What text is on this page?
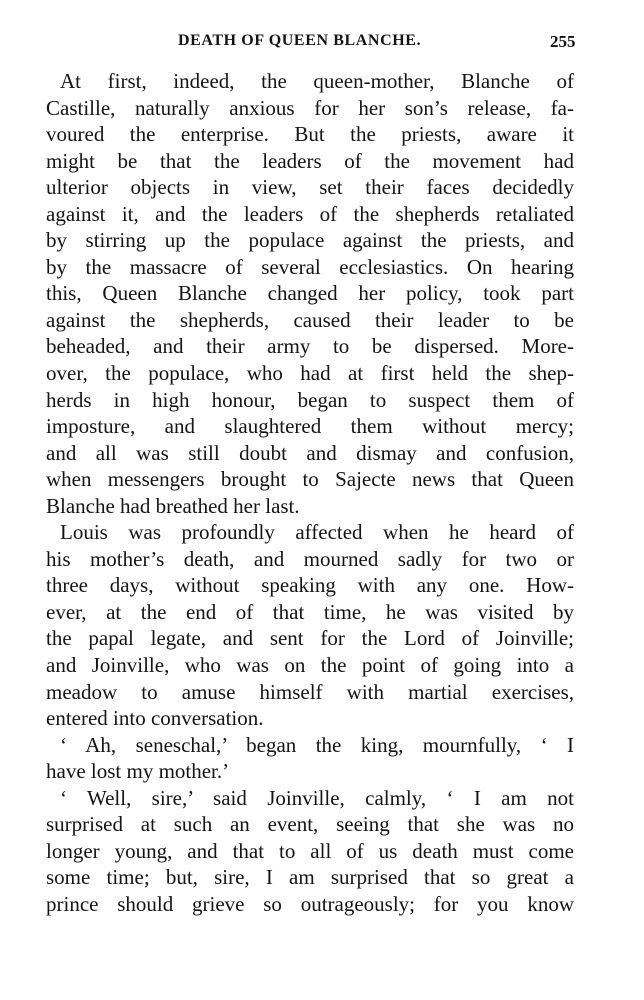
DEATH OF QUEEN BLANCHE.	255
At first, indeed, the queen-mother, Blanche of
Castille, naturally anxious for her son’s release, fa-
voured the enterprise. But the priests, aware it
might be that the leaders of the movement had
ulterior objects in view, set their faces decidedly
against it, and the leaders of the shepherds retaliated
by stirring up the populace against the priests, and
by the massacre of several ecclesiastics. On hearing
this, Queen Blanche changed her policy, took part
against the shepherds, caused their leader to be
beheaded, and their army to be dispersed. More-
over, the populace, who had at first held the shep-
herds in high honour, began to suspect them of
imposture, and slaughtered them without mercy;
and all was still doubt and dismay and confusion,
when messengers brought to Sajecte news that Queen
Blanche had breathed her last.
Louis was profoundly affected when he heard of
his mother’s death, and mourned sadly for two or
three days, without speaking with any one. How-
ever, at the end of that time, he was visited by
the papal legate, and sent for the Lord of Joinville;
and Joinville, who was on the point of going into a
meadow to amuse himself with martial exercises,
entered into conversation.
‘ Ah, seneschal,’ began the king, mournfully, ‘ I
have lost my mother.’
‘ Well, sire,’ said Joinville, calmly, ‘ I am not
surprised at such an event, seeing that she was no
longer young, and that to all of us death must come
some time; but, sire, I am surprised that so great a
prince should grieve so outrageously; for you know
